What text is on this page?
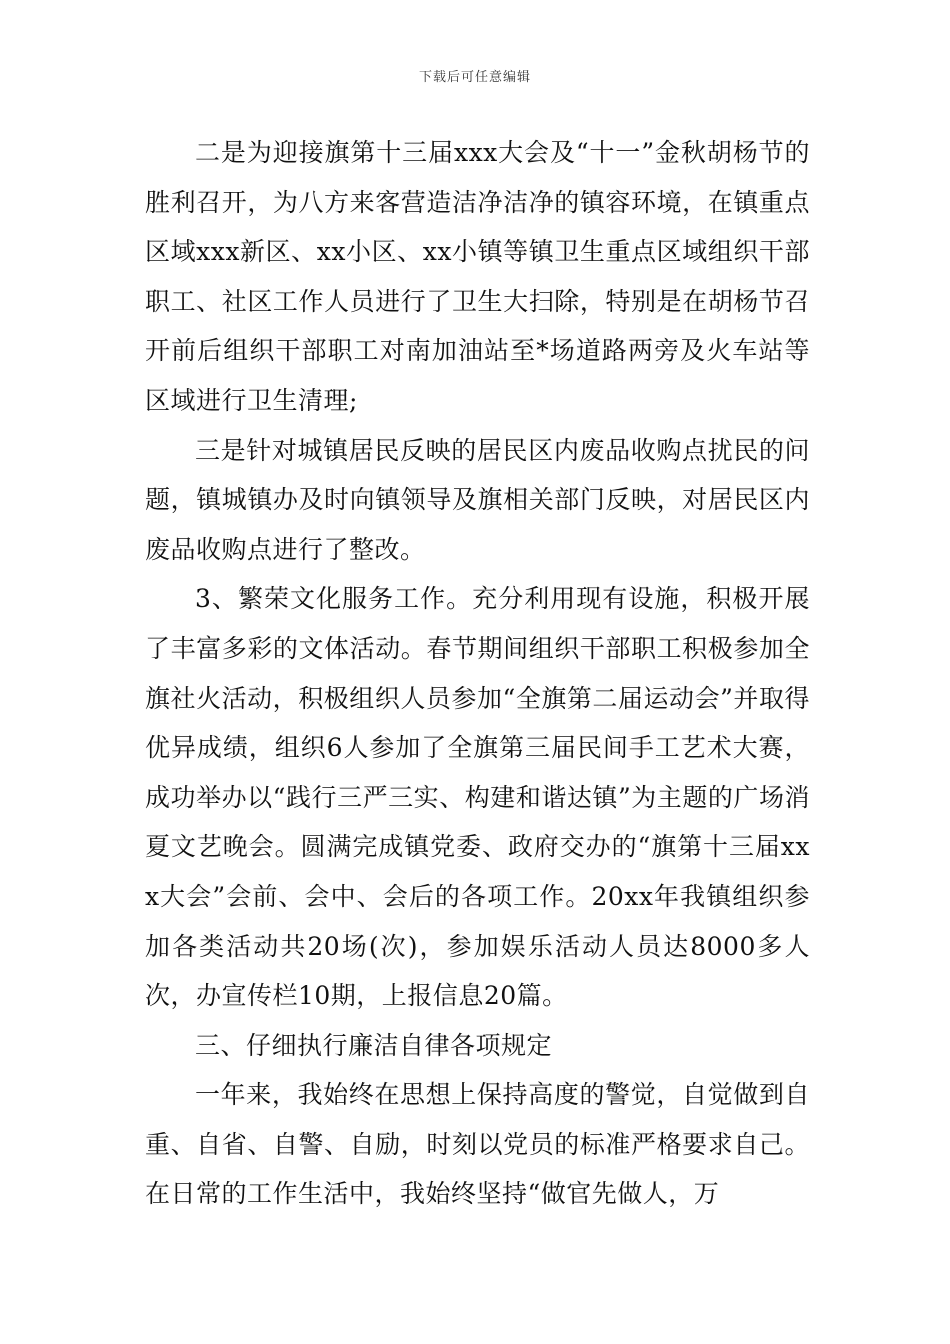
下载后可任意编辑

二是为迎接旗第十三届xxx大会及“十一”金秋胡杨节的胜利召开，为八方来客营造洁净洁净的镇容环境，在镇重点区域xxx新区、xx小区、xx小镇等镇卫生重点区域组织干部职工、社区工作人员进行了卫生大扫除，特别是在胡杨节召开前后组织干部职工对南加油站至*场道路两旁及火车站等区域进行卫生清理;

三是针对城镇居民反映的居民区内废品收购点扰民的问题，镇城镇办及时向镇领导及旗相关部门反映，对居民区内废品收购点进行了整改。

3、繁荣文化服务工作。充分利用现有设施，积极开展了丰富多彩的文体活动。春节期间组织干部职工积极参加全旗社火活动，积极组织人员参加“全旗第二届运动会”并取得优异成绩，组织6人参加了全旗第三届民间手工艺术大赛，成功举办以“践行三严三实、构建和谐达镇”为主题的广场消夏文艺晚会。圆满完成镇党委、政府交办的“旗第十三届xxx大会”会前、会中、会后的各项工作。20xx年我镇组织参加各类活动共20场(次)，参加娱乐活动人员达8000多人次，办宣传栏10期，上报信息20篇。

三、仔细执行廉洁自律各项规定

一年来，我始终在思想上保持高度的警觉，自觉做到自重、自省、自警、自励，时刻以党员的标准严格要求自己。在日常的工作生活中，我始终坚持“做官先做人，万
